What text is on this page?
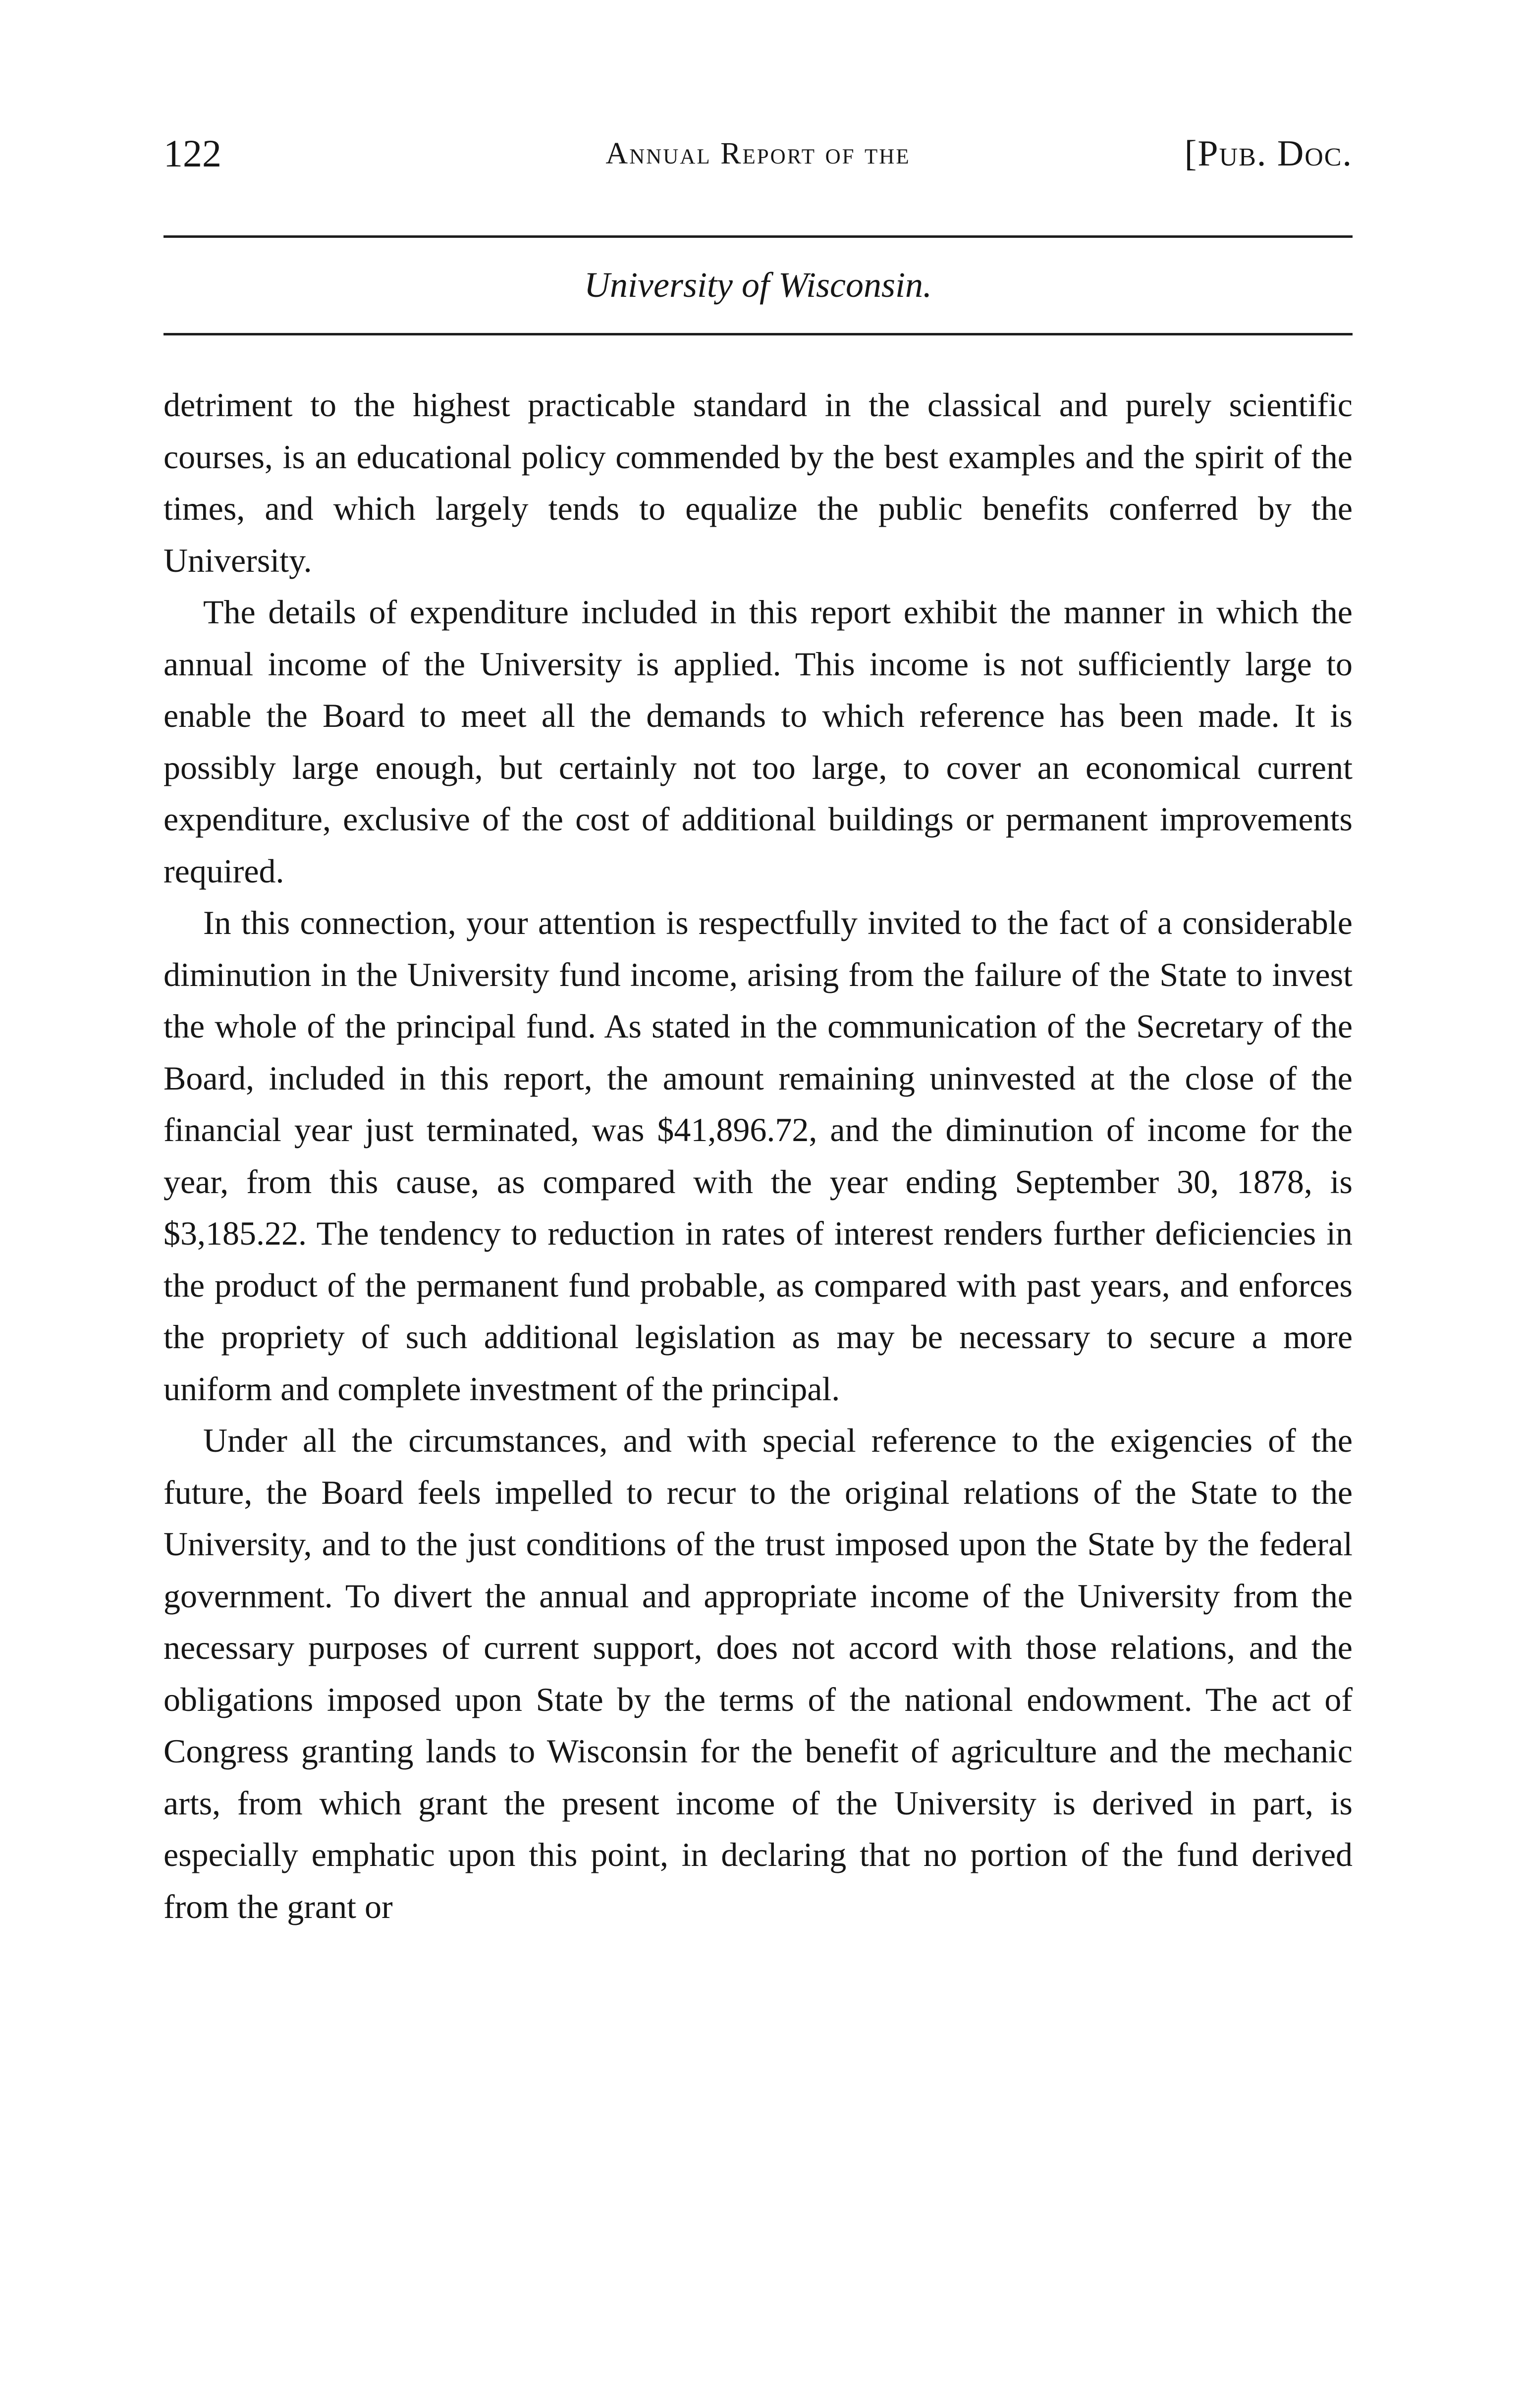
122	Annual Report of the	[Pub. Doc.
University of Wisconsin.

detriment to the highest practicable standard in the classical and purely scientific courses, is an educational policy commended by the best examples and the spirit of the times, and which largely tends to equalize the public benefits conferred by the University.

The details of expenditure included in this report exhibit the manner in which the annual income of the University is applied. This income is not sufficiently large to enable the Board to meet all the demands to which reference has been made. It is possibly large enough, but certainly not too large, to cover an economical current expenditure, exclusive of the cost of additional buildings or permanent improvements required.

In this connection, your attention is respectfully invited to the fact of a considerable diminution in the University fund income, arising from the failure of the State to invest the whole of the principal fund. As stated in the communication of the Secretary of the Board, included in this report, the amount remaining uninvested at the close of the financial year just terminated, was $41,896.72, and the diminution of income for the year, from this cause, as compared with the year ending September 30, 1878, is $3,185.22. The tendency to reduction in rates of interest renders further deficiencies in the product of the permanent fund probable, as compared with past years, and enforces the propriety of such additional legislation as may be necessary to secure a more uniform and complete investment of the principal.

Under all the circumstances, and with special reference to the exigencies of the future, the Board feels impelled to recur to the original relations of the State to the University, and to the just conditions of the trust imposed upon the State by the federal government. To divert the annual and appropriate income of the University from the necessary purposes of current support, does not accord with those relations, and the obligations imposed upon State by the terms of the national endowment. The act of Congress granting lands to Wisconsin for the benefit of agriculture and the mechanic arts, from which grant the present income of the University is derived in part, is especially emphatic upon this point, in declaring that no portion of the fund derived from the grant or
